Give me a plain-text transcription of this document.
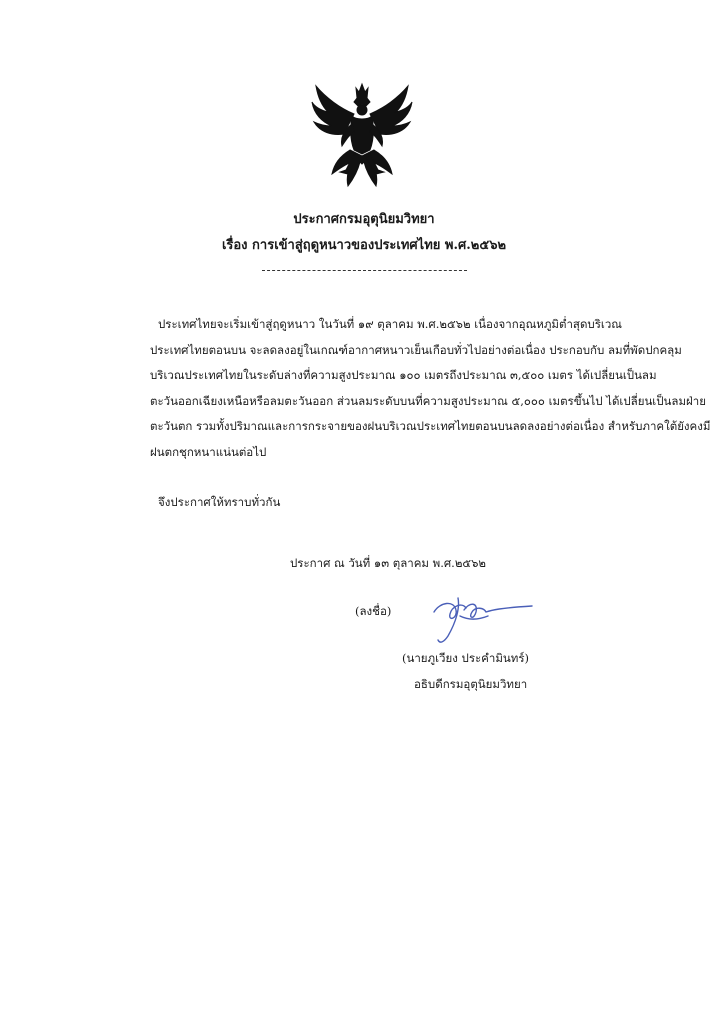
ประกาศกรมอุตุนิยมวิทยา
เรื่อง การเข้าสู่ฤดูหนาวของประเทศไทย พ.ศ.๒๕๖๒
ประเทศไทยจะเริ่มเข้าสู่ฤดูหนาว ในวันที่ ๑๙ ตุลาคม พ.ศ.๒๕๖๒ เนื่องจากอุณหภูมิต่ำสุดบริเวณ
ประเทศไทยตอนบน จะลดลงอยู่ในเกณฑ์อากาศหนาวเย็นเกือบทั่วไปอย่างต่อเนื่อง ประกอบกับ ลมที่พัดปกคลุม
บริเวณประเทศไทยในระดับล่างที่ความสูงประมาณ ๑๐๐ เมตรถึงประมาณ ๓,๕๐๐ เมตร ได้เปลี่ยนเป็นลม
ตะวันออกเฉียงเหนือหรือลมตะวันออก ส่วนลมระดับบนที่ความสูงประมาณ ๕,๐๐๐ เมตรขึ้นไป ได้เปลี่ยนเป็นลมฝ่าย
ตะวันตก รวมทั้งปริมาณและการกระจายของฝนบริเวณประเทศไทยตอนบนลดลงอย่างต่อเนื่อง สำหรับภาคใต้ยังคงมี
ฝนตกชุกหนาแน่นต่อไป
จึงประกาศให้ทราบทั่วกัน
ประกาศ ณ วันที่ ๑๓ ตุลาคม พ.ศ.๒๕๖๒
(ลงชื่อ)
(นายภูเวียง ประคำมินทร์)
อธิบดีกรมอุตุนิยมวิทยา
